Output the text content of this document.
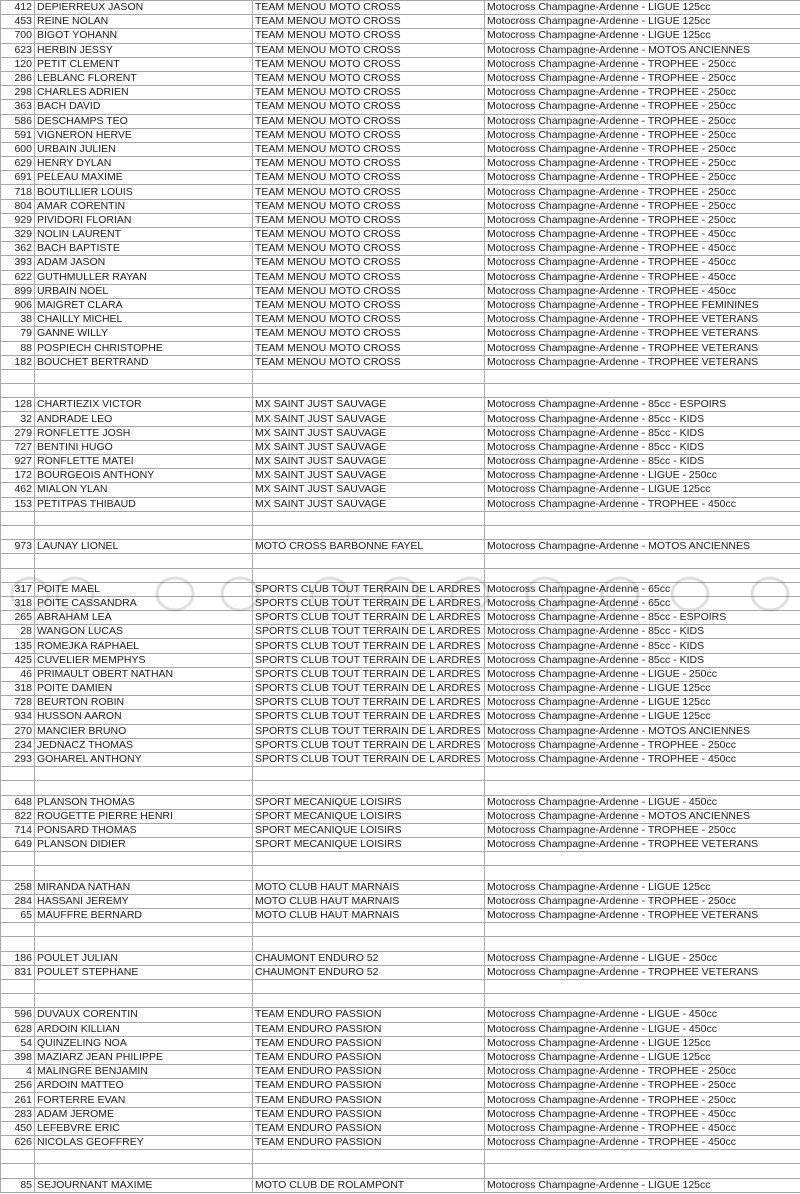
412	DEPIERREUX JASON	TEAM MENOU MOTO CROSS	Motocross Champagne-Ardenne - LIGUE 125cc
453	REINE NOLAN	TEAM MENOU MOTO CROSS	Motocross Champagne-Ardenne - LIGUE 125cc
700	BIGOT YOHANN	TEAM MENOU MOTO CROSS	Motocross Champagne-Ardenne - LIGUE 125cc
623	HERBIN JESSY	TEAM MENOU MOTO CROSS	Motocross Champagne-Ardenne - MOTOS ANCIENNES
120	PETIT CLEMENT	TEAM MENOU MOTO CROSS	Motocross Champagne-Ardenne - TROPHEE - 250cc
286	LEBLANC FLORENT	TEAM MENOU MOTO CROSS	Motocross Champagne-Ardenne - TROPHEE - 250cc
298	CHARLES ADRIEN	TEAM MENOU MOTO CROSS	Motocross Champagne-Ardenne - TROPHEE - 250cc
363	BACH DAVID	TEAM MENOU MOTO CROSS	Motocross Champagne-Ardenne - TROPHEE - 250cc
586	DESCHAMPS TEO	TEAM MENOU MOTO CROSS	Motocross Champagne-Ardenne - TROPHEE - 250cc
591	VIGNERON HERVE	TEAM MENOU MOTO CROSS	Motocross Champagne-Ardenne - TROPHEE - 250cc
600	URBAIN JULIEN	TEAM MENOU MOTO CROSS	Motocross Champagne-Ardenne - TROPHEE - 250cc
629	HENRY DYLAN	TEAM MENOU MOTO CROSS	Motocross Champagne-Ardenne - TROPHEE - 250cc
691	PELEAU MAXIME	TEAM MENOU MOTO CROSS	Motocross Champagne-Ardenne - TROPHEE - 250cc
718	BOUTILLIER LOUIS	TEAM MENOU MOTO CROSS	Motocross Champagne-Ardenne - TROPHEE - 250cc
804	AMAR CORENTIN	TEAM MENOU MOTO CROSS	Motocross Champagne-Ardenne - TROPHEE - 250cc
929	PIVIDORI FLORIAN	TEAM MENOU MOTO CROSS	Motocross Champagne-Ardenne - TROPHEE - 250cc
329	NOLIN LAURENT	TEAM MENOU MOTO CROSS	Motocross Champagne-Ardenne - TROPHEE - 450cc
362	BACH BAPTISTE	TEAM MENOU MOTO CROSS	Motocross Champagne-Ardenne - TROPHEE - 450cc
393	ADAM JASON	TEAM MENOU MOTO CROSS	Motocross Champagne-Ardenne - TROPHEE - 450cc
622	GUTHMULLER RAYAN	TEAM MENOU MOTO CROSS	Motocross Champagne-Ardenne - TROPHEE - 450cc
899	URBAIN NOEL	TEAM MENOU MOTO CROSS	Motocross Champagne-Ardenne - TROPHEE - 450cc
906	MAIGRET CLARA	TEAM MENOU MOTO CROSS	Motocross Champagne-Ardenne - TROPHEE FEMININES
38	CHAILLY MICHEL	TEAM MENOU MOTO CROSS	Motocross Champagne-Ardenne - TROPHEE VETERANS
79	GANNE WILLY	TEAM MENOU MOTO CROSS	Motocross Champagne-Ardenne - TROPHEE VETERANS
88	POSPIECH CHRISTOPHE	TEAM MENOU MOTO CROSS	Motocross Champagne-Ardenne - TROPHEE VETERANS
182	BOUCHET BERTRAND	TEAM MENOU MOTO CROSS	Motocross Champagne-Ardenne - TROPHEE VETERANS

128	CHARTIEZIX VICTOR	MX SAINT JUST SAUVAGE	Motocross Champagne-Ardenne - 85cc - ESPOIRS
32	ANDRADE LEO	MX SAINT JUST SAUVAGE	Motocross Champagne-Ardenne - 85cc - KIDS
279	RONFLETTE JOSH	MX SAINT JUST SAUVAGE	Motocross Champagne-Ardenne - 85cc - KIDS
727	BENTINI HUGO	MX SAINT JUST SAUVAGE	Motocross Champagne-Ardenne - 85cc - KIDS
927	RONFLETTE MATEI	MX SAINT JUST SAUVAGE	Motocross Champagne-Ardenne - 85cc - KIDS
172	BOURGEOIS ANTHONY	MX SAINT JUST SAUVAGE	Motocross Champagne-Ardenne - LIGUE - 250cc
462	MIALON YLAN	MX SAINT JUST SAUVAGE	Motocross Champagne-Ardenne - LIGUE 125cc
153	PETITPAS THIBAUD	MX SAINT JUST SAUVAGE	Motocross Champagne-Ardenne - TROPHEE - 450cc

973	LAUNAY LIONEL	MOTO CROSS BARBONNE FAYEL	Motocross Champagne-Ardenne - MOTOS ANCIENNES

317	POITE MAEL	SPORTS CLUB TOUT TERRAIN DE L ARDRES	Motocross Champagne-Ardenne - 65cc
318	POITE CASSANDRA	SPORTS CLUB TOUT TERRAIN DE L ARDRES	Motocross Champagne-Ardenne - 65cc
265	ABRAHAM LEA	SPORTS CLUB TOUT TERRAIN DE L ARDRES	Motocross Champagne-Ardenne - 85cc - ESPOIRS
28	WANGON LUCAS	SPORTS CLUB TOUT TERRAIN DE L ARDRES	Motocross Champagne-Ardenne - 85cc - KIDS
135	ROMEJKA RAPHAEL	SPORTS CLUB TOUT TERRAIN DE L ARDRES	Motocross Champagne-Ardenne - 85cc - KIDS
425	CUVELIER MEMPHYS	SPORTS CLUB TOUT TERRAIN DE L ARDRES	Motocross Champagne-Ardenne - 85cc - KIDS
46	PRIMAULT OBERT NATHAN	SPORTS CLUB TOUT TERRAIN DE L ARDRES	Motocross Champagne-Ardenne - LIGUE - 250cc
318	POITE DAMIEN	SPORTS CLUB TOUT TERRAIN DE L ARDRES	Motocross Champagne-Ardenne - LIGUE 125cc
728	BEURTON ROBIN	SPORTS CLUB TOUT TERRAIN DE L ARDRES	Motocross Champagne-Ardenne - LIGUE 125cc
934	HUSSON AARON	SPORTS CLUB TOUT TERRAIN DE L ARDRES	Motocross Champagne-Ardenne - LIGUE 125cc
270	MANCIER BRUNO	SPORTS CLUB TOUT TERRAIN DE L ARDRES	Motocross Champagne-Ardenne - MOTOS ANCIENNES
234	JEDNACZ THOMAS	SPORTS CLUB TOUT TERRAIN DE L ARDRES	Motocross Champagne-Ardenne - TROPHEE - 250cc
293	GOHAREL ANTHONY	SPORTS CLUB TOUT TERRAIN DE L ARDRES	Motocross Champagne-Ardenne - TROPHEE - 450cc

648	PLANSON THOMAS	SPORT MECANIQUE LOISIRS	Motocross Champagne-Ardenne - LIGUE - 450cc
822	ROUGETTE PIERRE HENRI	SPORT MECANIQUE LOISIRS	Motocross Champagne-Ardenne - MOTOS ANCIENNES
714	PONSARD THOMAS	SPORT MECANIQUE LOISIRS	Motocross Champagne-Ardenne - TROPHEE - 250cc
649	PLANSON DIDIER	SPORT MECANIQUE LOISIRS	Motocross Champagne-Ardenne - TROPHEE VETERANS

258	MIRANDA NATHAN	MOTO CLUB HAUT MARNAIS	Motocross Champagne-Ardenne - LIGUE 125cc
284	HASSANI JEREMY	MOTO CLUB HAUT MARNAIS	Motocross Champagne-Ardenne - TROPHEE - 250cc
65	MAUFFRE BERNARD	MOTO CLUB HAUT MARNAIS	Motocross Champagne-Ardenne - TROPHEE VETERANS

186	POULET JULIAN	CHAUMONT ENDURO 52	Motocross Champagne-Ardenne - LIGUE - 250cc
831	POULET STEPHANE	CHAUMONT ENDURO 52	Motocross Champagne-Ardenne - TROPHEE VETERANS

596	DUVAUX CORENTIN	TEAM ENDURO PASSION	Motocross Champagne-Ardenne - LIGUE - 450cc
628	ARDOIN KILLIAN	TEAM ENDURO PASSION	Motocross Champagne-Ardenne - LIGUE - 450cc
54	QUINZELING NOA	TEAM ENDURO PASSION	Motocross Champagne-Ardenne - LIGUE 125cc
398	MAZIARZ JEAN PHILIPPE	TEAM ENDURO PASSION	Motocross Champagne-Ardenne - LIGUE 125cc
4	MALINGRE BENJAMIN	TEAM ENDURO PASSION	Motocross Champagne-Ardenne - TROPHEE - 250cc
256	ARDOIN MATTEO	TEAM ENDURO PASSION	Motocross Champagne-Ardenne - TROPHEE - 250cc
261	FORTERRE EVAN	TEAM ENDURO PASSION	Motocross Champagne-Ardenne - TROPHEE - 250cc
283	ADAM JEROME	TEAM ENDURO PASSION	Motocross Champagne-Ardenne - TROPHEE - 450cc
450	LEFEBVRE ERIC	TEAM ENDURO PASSION	Motocross Champagne-Ardenne - TROPHEE - 450cc
626	NICOLAS GEOFFREY	TEAM ENDURO PASSION	Motocross Champagne-Ardenne - TROPHEE - 450cc

85	SEJOURNANT MAXIME	MOTO CLUB DE ROLAMPONT	Motocross Champagne-Ardenne - LIGUE 125cc
